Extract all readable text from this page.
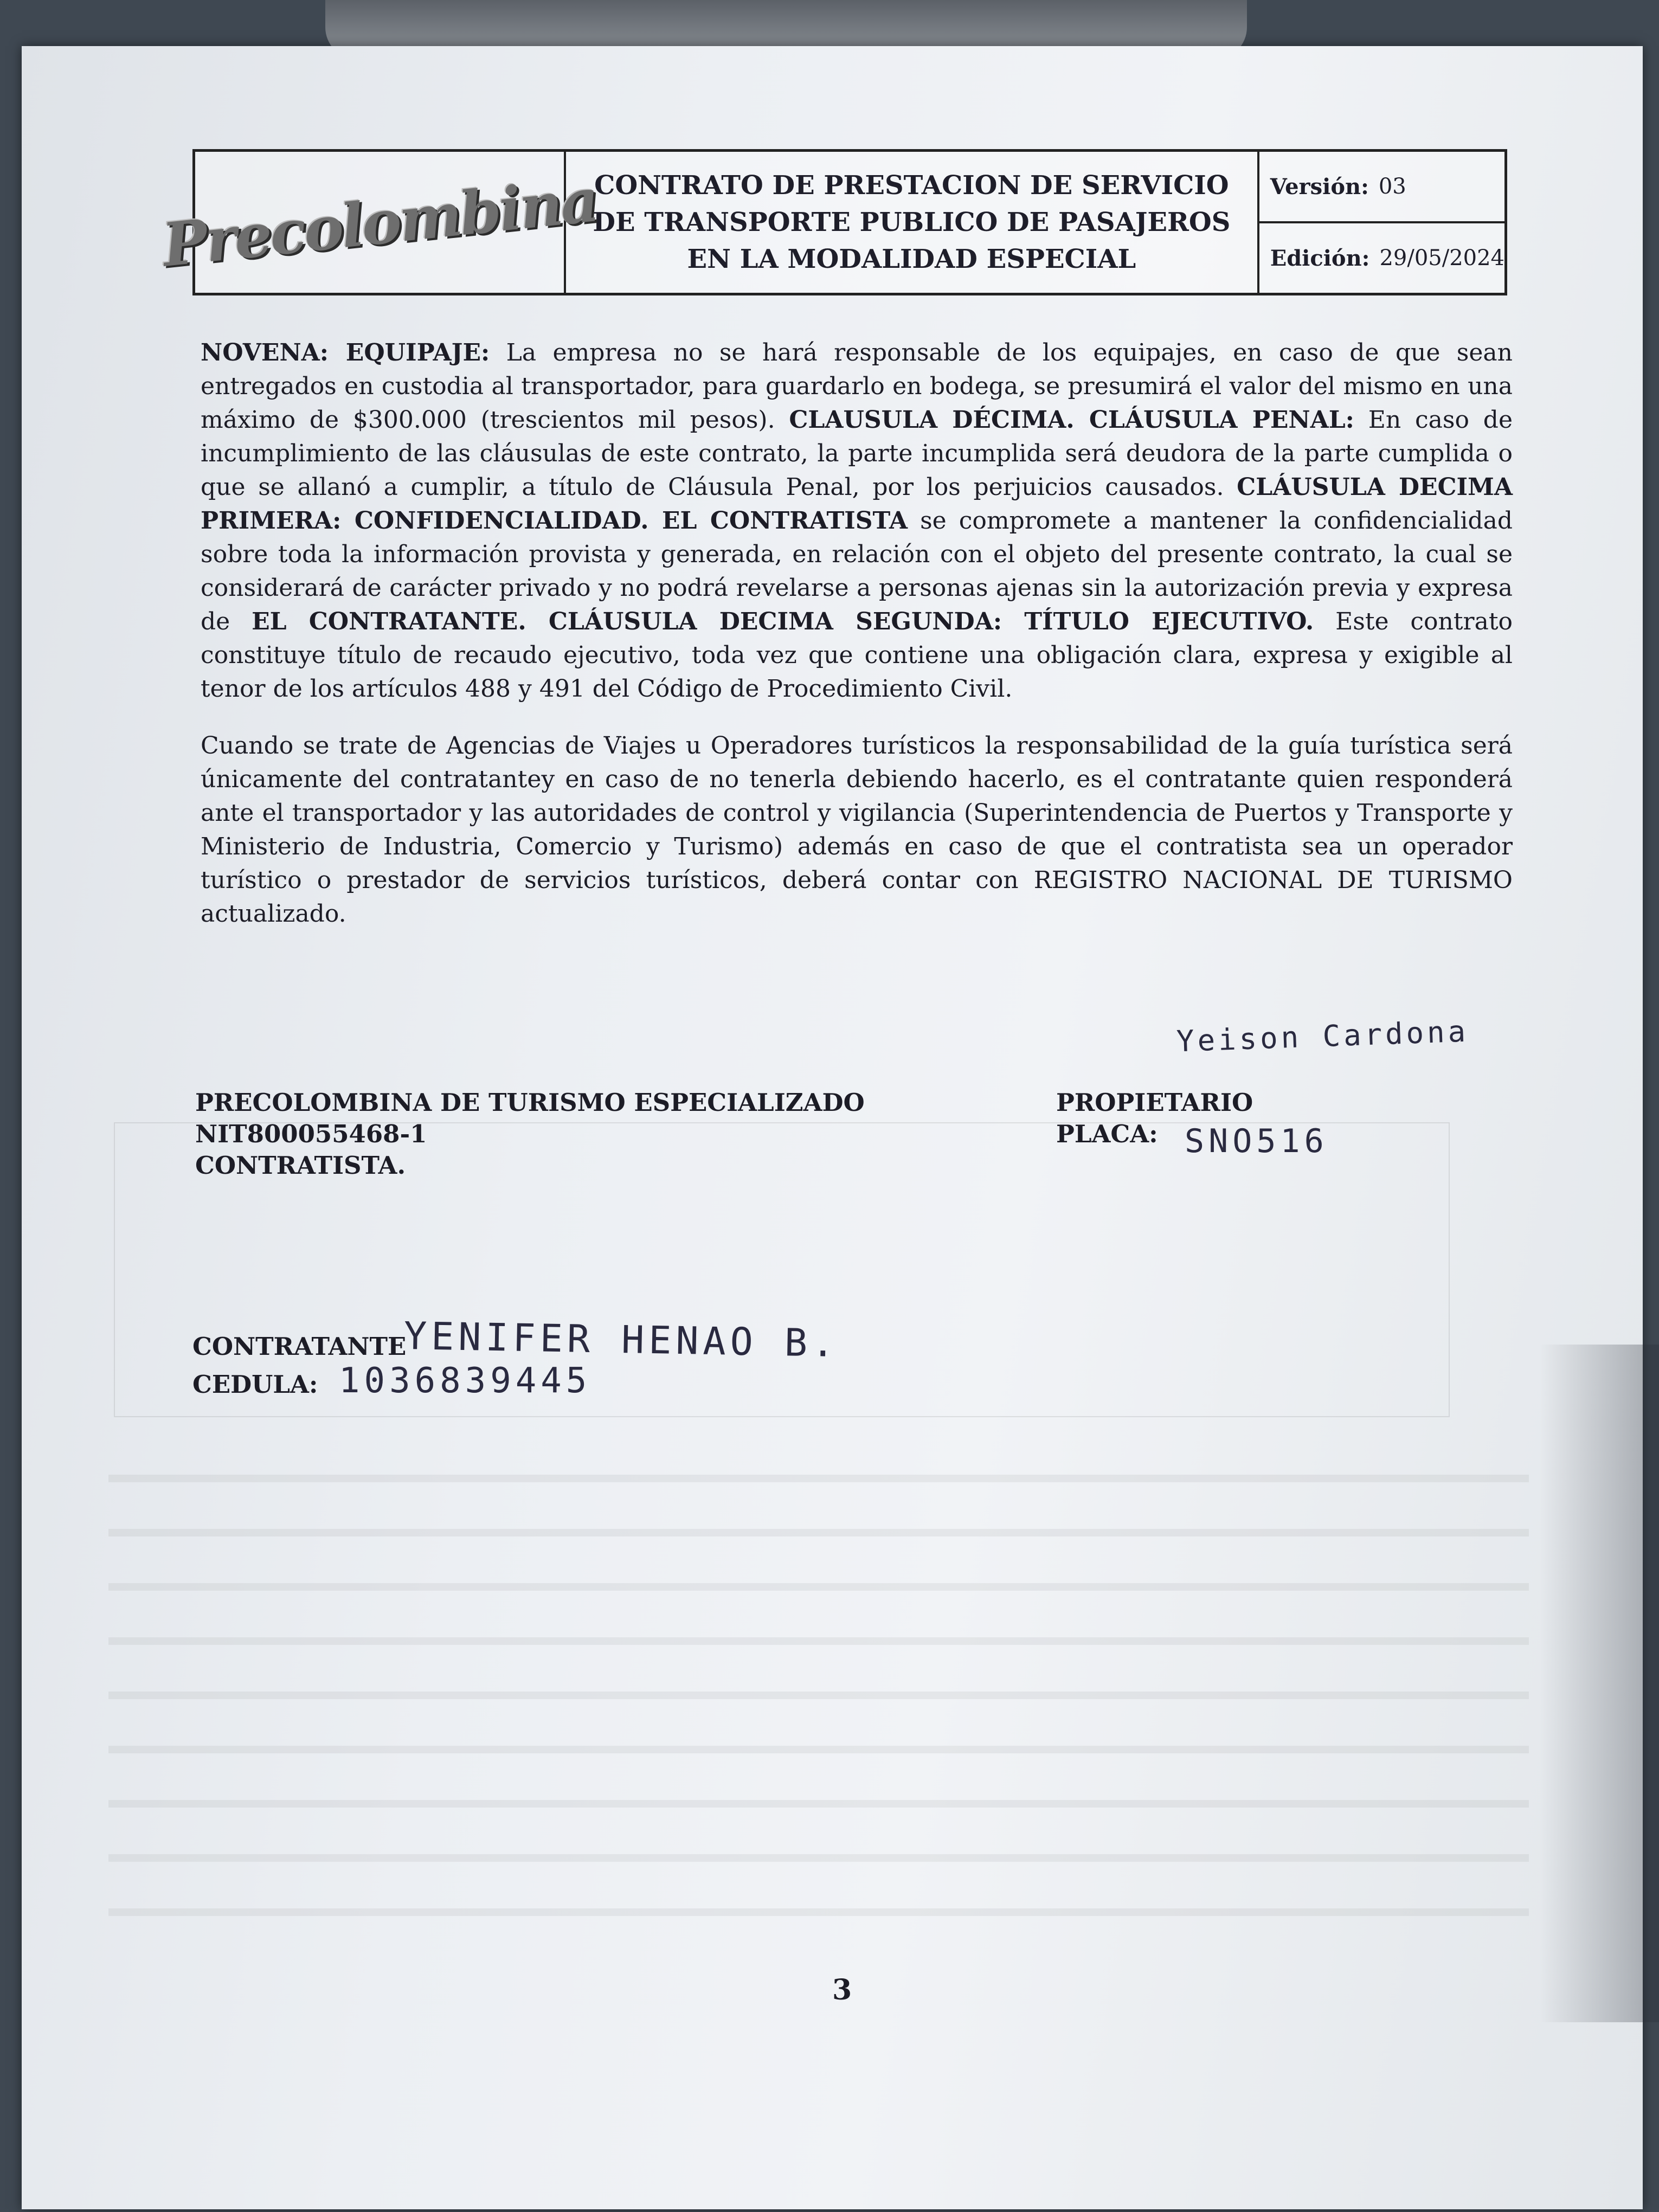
Precolombina
CONTRATO DE PRESTACION DE SERVICIO
DE TRANSPORTE PUBLICO DE PASAJEROS
EN LA MODALIDAD ESPECIAL
Versión: 03
Edición: 29/05/2024
NOVENA: EQUIPAJE: La empresa no se hará responsable de los equipajes, en caso de que sean entregados en custodia al transportador, para guardarlo en bodega, se presumirá el valor del mismo en una máximo de $300.000 (trescientos mil pesos). CLAUSULA DÉCIMA. CLÁUSULA PENAL: En caso de incumplimiento de las cláusulas de este contrato, la parte incumplida será deudora de la parte cumplida o que se allanó a cumplir, a título de Cláusula Penal, por los perjuicios causados. CLÁUSULA DECIMA PRIMERA: CONFIDENCIALIDAD. EL CONTRATISTA se compromete a mantener la confidencialidad sobre toda la información provista y generada, en relación con el objeto del presente contrato, la cual se considerará de carácter privado y no podrá revelarse a personas ajenas sin la autorización previa y expresa de EL CONTRATANTE. CLÁUSULA DECIMA SEGUNDA: TÍTULO EJECUTIVO. Este contrato constituye título de recaudo ejecutivo, toda vez que contiene una obligación clara, expresa y exigible al tenor de los artículos 488 y 491 del Código de Procedimiento Civil.
Cuando se trate de Agencias de Viajes u Operadores turísticos la responsabilidad de la guía turística será únicamente del contratantey en caso de no tenerla debiendo hacerlo, es el contratante quien responderá ante el transportador y las autoridades de control y vigilancia (Superintendencia de Puertos y Transporte y Ministerio de Industria, Comercio y Turismo) además en caso de que el contratista sea un operador turístico o prestador de servicios turísticos, deberá contar con REGISTRO NACIONAL DE TURISMO actualizado.
Yeison Cardona
PRECOLOMBINA DE TURISMO ESPECIALIZADO
NIT800055468-1
CONTRATISTA.
PROPIETARIO
PLACA: SNO516
CONTRATANTE
YENIFER HENAO B.
CEDULA: 1036839445
3
